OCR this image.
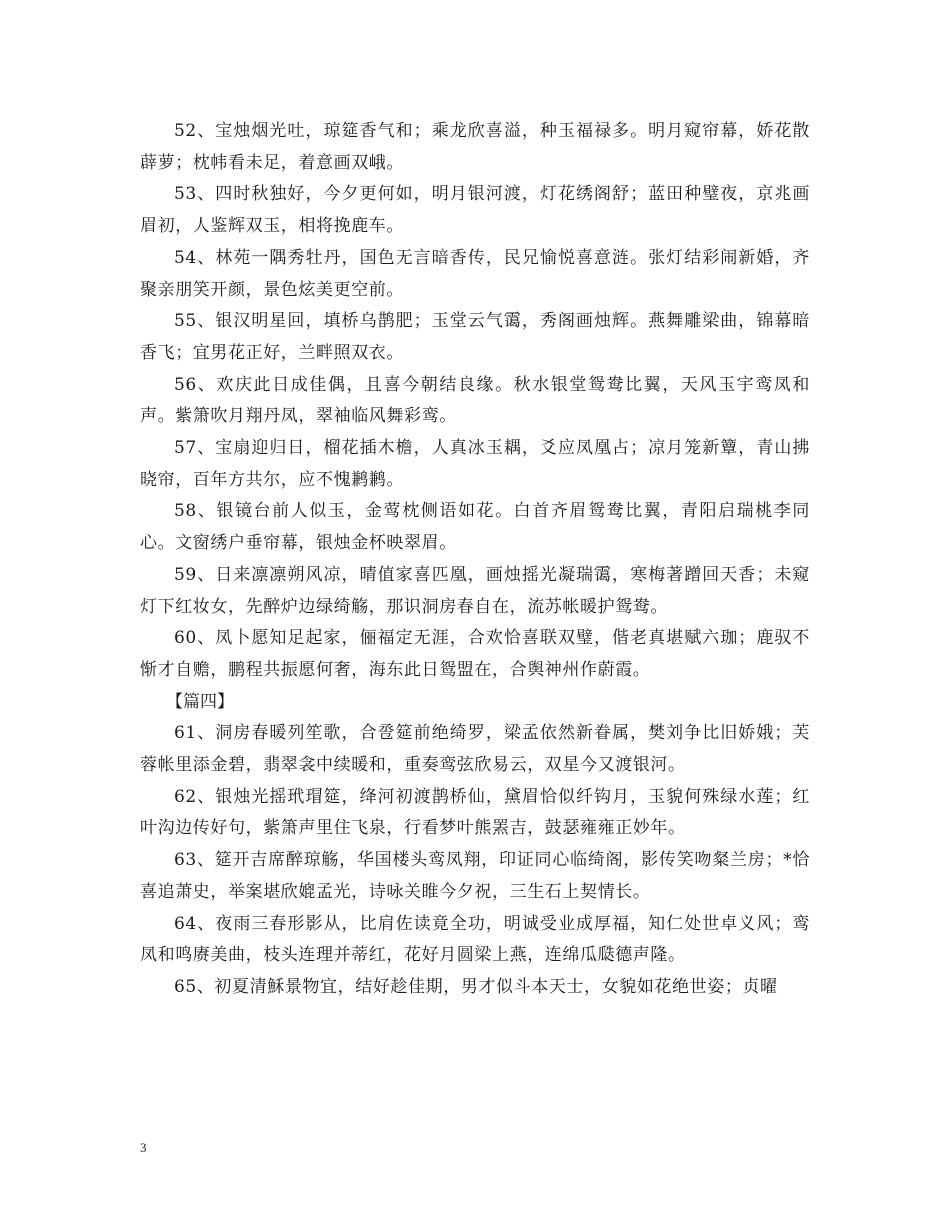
52、宝烛烟光吐，琼筵香气和；乘龙欣喜溢，种玉福禄多。明月窥帘幕，娇花散薜萝；枕帏看未足，着意画双峨。

53、四时秋独好，今夕更何如，明月银河渡，灯花绣阁舒；蓝田种璧夜，京兆画眉初，人鉴辉双玉，相将挽鹿车。

54、林苑一隅秀牡丹，国色无言暗香传，民兄愉悦喜意涟。张灯结彩闹新婚，齐聚亲朋笑开颜，景色炫美更空前。

55、银汉明星回，填桥乌鹊肥；玉堂云气霭，秀阁画烛辉。燕舞雕梁曲，锦幕暗香飞；宜男花正好，兰畔照双衣。

56、欢庆此日成佳偶，且喜今朝结良缘。秋水银堂鸳鸯比翼，天风玉宇鸾凤和声。紫箫吹月翔丹凤，翠袖临风舞彩鸾。

57、宝扇迎归日，榴花插木檐，人真冰玉耦，爻应凤凰占；凉月笼新簟，青山拂晓帘，百年方共尔，应不愧鹣鹣。

58、银镜台前人似玉，金莺枕侧语如花。白首齐眉鸳鸯比翼，青阳启瑞桃李同心。文窗绣户垂帘幕，银烛金杯映翠眉。

59、日来凛凛朔风凉，晴值家喜匹凰，画烛摇光凝瑞霭，寒梅著蹭回天香；未窥灯下红妆女，先醉炉边绿绮觞，那识洞房春自在，流苏帐暖护鸳鸯。

60、凤卜愿知足起家，俪福定无涯，合欢恰喜联双璧，偕老真堪赋六珈；鹿驭不惭才自赡，鹏程共振愿何奢，海东此日鸳盟在，合舆神州作蔚霞。

【篇四】

61、洞房春暖列笙歌，合卺筵前绝绮罗，梁孟依然新眷属，樊刘争比旧娇娥；芙蓉帐里添金碧，翡翠衾中续暖和，重奏鸾弦欣易云，双星今又渡银河。

62、银烛光摇玳瑁筵，绛河初渡鹊桥仙，黛眉恰似纤钩月，玉貌何殊绿水莲；红叶沟边传好句，紫箫声里住飞泉，行看梦叶熊罴吉，鼓瑟雍雍正妙年。

63、筵开吉席醉琼觞，华国楼头鸾凤翔，印证同心临绮阁，影传笑吻粲兰房；*恰喜追萧史，举案堪欣媲孟光，诗咏关睢今夕祝，三生石上契情长。

64、夜雨三春形影从，比肩佐读竟全功，明诚受业成厚福，知仁处世卓义风；鸾凤和鸣赓美曲，枝头连理并蒂红，花好月圆梁上燕，连绵瓜瓞德声隆。

65、初夏清穌景物宜，结好趁佳期，男才似斗本天士，女貌如花绝世姿；贞曜

3
